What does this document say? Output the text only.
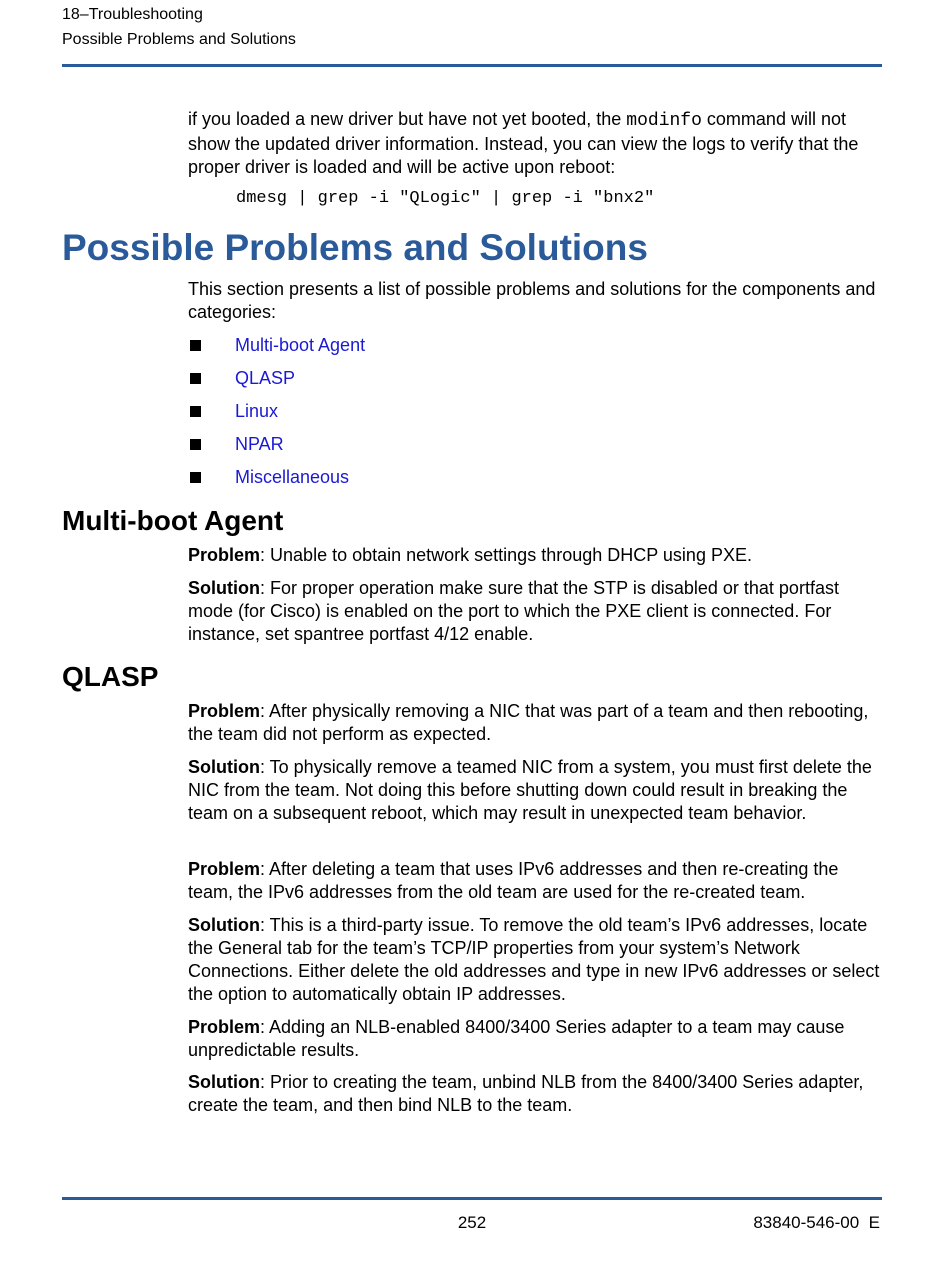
18–Troubleshooting
Possible Problems and Solutions
if you loaded a new driver but have not yet booted, the modinfo command will not show the updated driver information. Instead, you can view the logs to verify that the proper driver is loaded and will be active upon reboot:
dmesg | grep -i "QLogic" | grep -i "bnx2"
Possible Problems and Solutions
This section presents a list of possible problems and solutions for the components and categories:
Multi-boot Agent
QLASP
Linux
NPAR
Miscellaneous
Multi-boot Agent
Problem: Unable to obtain network settings through DHCP using PXE.
Solution: For proper operation make sure that the STP is disabled or that portfast mode (for Cisco) is enabled on the port to which the PXE client is connected. For instance, set spantree portfast 4/12 enable.
QLASP
Problem: After physically removing a NIC that was part of a team and then rebooting, the team did not perform as expected.
Solution: To physically remove a teamed NIC from a system, you must first delete the NIC from the team. Not doing this before shutting down could result in breaking the team on a subsequent reboot, which may result in unexpected team behavior.
Problem: After deleting a team that uses IPv6 addresses and then re-creating the team, the IPv6 addresses from the old team are used for the re-created team.
Solution: This is a third-party issue. To remove the old team’s IPv6 addresses, locate the General tab for the team’s TCP/IP properties from your system’s Network Connections. Either delete the old addresses and type in new IPv6 addresses or select the option to automatically obtain IP addresses.
Problem: Adding an NLB-enabled 8400/3400 Series adapter to a team may cause unpredictable results.
Solution: Prior to creating the team, unbind NLB from the 8400/3400 Series adapter, create the team, and then bind NLB to the team.
252	83840-546-00  E
